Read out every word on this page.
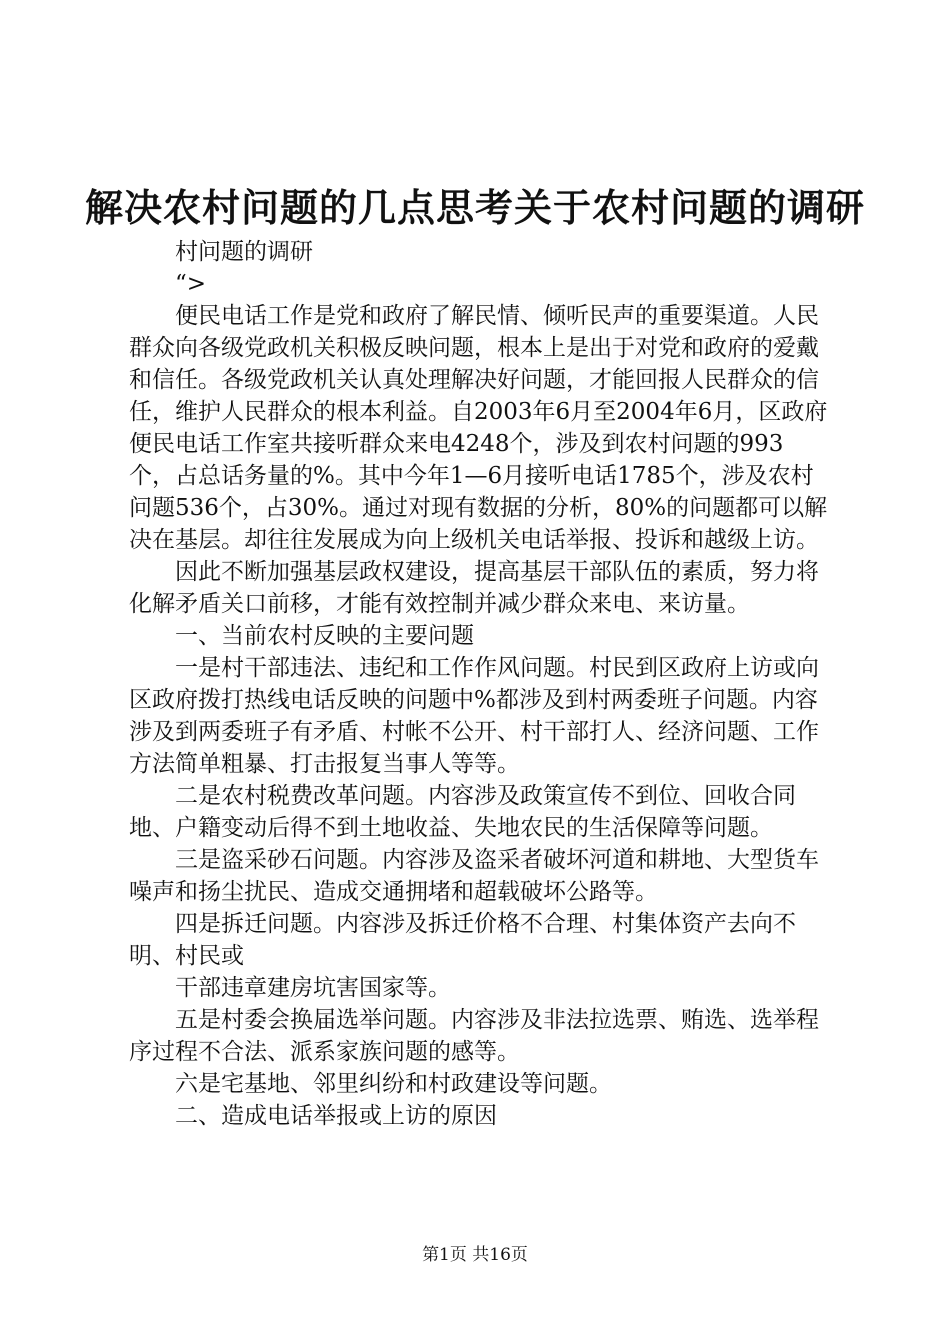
解决农村问题的几点思考关于农村问题的调研

村问题的调研

“>

便民电话工作是党和政府了解民情、倾听民声的重要渠道。人民群众向各级党政机关积极反映问题，根本上是出于对党和政府的爱戴和信任。各级党政机关认真处理解决好问题，才能回报人民群众的信任，维护人民群众的根本利益。自2003年6月至2004年6月，区政府便民电话工作室共接听群众来电4248个，涉及到农村问题的993个，占总话务量的%。其中今年1—6月接听电话1785个，涉及农村问题536个，占30%。通过对现有数据的分析，80%的问题都可以解决在基层。却往往发展成为向上级机关电话举报、投诉和越级上访。

因此不断加强基层政权建设，提高基层干部队伍的素质，努力将化解矛盾关口前移，才能有效控制并减少群众来电、来访量。

一、当前农村反映的主要问题

一是村干部违法、违纪和工作作风问题。村民到区政府上访或向区政府拨打热线电话反映的问题中%都涉及到村两委班子问题。内容涉及到两委班子有矛盾、村帐不公开、村干部打人、经济问题、工作方法简单粗暴、打击报复当事人等等。

二是农村税费改革问题。内容涉及政策宣传不到位、回收合同地、户籍变动后得不到土地收益、失地农民的生活保障等问题。

三是盗采砂石问题。内容涉及盗采者破坏河道和耕地、大型货车噪声和扬尘扰民、造成交通拥堵和超载破坏公路等。

四是拆迁问题。内容涉及拆迁价格不合理、村集体资产去向不明、村民或

干部违章建房坑害国家等。

五是村委会换届选举问题。内容涉及非法拉选票、贿选、选举程序过程不合法、派系家族问题的感等。

六是宅基地、邻里纠纷和村政建设等问题。

二、造成电话举报或上访的原因

第1页 共16页
